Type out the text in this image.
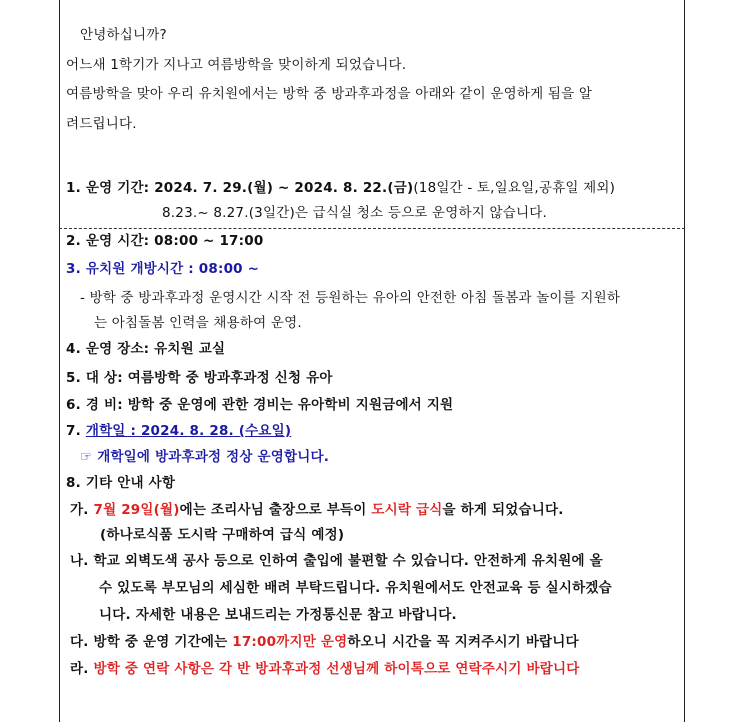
안녕하십니까?
어느새 1학기가 지나고 여름방학을 맞이하게 되었습니다.
여름방학을 맞아 우리 유치원에서는 방학 중 방과후과정을 아래와 같이 운영하게 됨을 알
려드립니다.
1. 운영 기간: 2024. 7. 29.(월) ~ 2024. 8. 22.(금)(18일간 - 토,일요일,공휴일 제외)
8.23.~ 8.27.(3일간)은 급식실 청소 등으로 운영하지 않습니다.
2. 운영 시간: 08:00 ~ 17:00
3. 유치원 개방시간 : 08:00 ~
- 방학 중 방과후과정 운영시간 시작 전 등원하는 유아의 안전한 아침 돌봄과 놀이를 지원하
는 아침돌봄 인력을 채용하여 운영.
4. 운영 장소: 유치원 교실
5. 대 상: 여름방학 중 방과후과정 신청 유아
6. 경 비: 방학 중 운영에 관한 경비는 유아학비 지원금에서 지원
7. 개학일 : 2024. 8. 28. (수요일)
☞ 개학일에 방과후과정 정상 운영합니다.
8. 기타 안내 사항
가. 7월 29일(월)에는 조리사님 출장으로 부득이 도시락 급식을 하게 되었습니다.
(하나로식품 도시락 구매하여 급식 예정)
나. 학교 외벽도색 공사 등으로 인하여 출입에 불편할 수 있습니다. 안전하게 유치원에 올
수 있도록 부모님의 세심한 배려 부탁드립니다. 유치원에서도 안전교육 등 실시하겠습
니다. 자세한 내용은 보내드리는 가정통신문 참고 바랍니다.
다. 방학 중 운영 기간에는 17:00까지만 운영하오니 시간을 꼭 지켜주시기 바랍니다
라. 방학 중 연락 사항은 각 반 방과후과정 선생님께 하이톡으로 연락주시기 바랍니다
